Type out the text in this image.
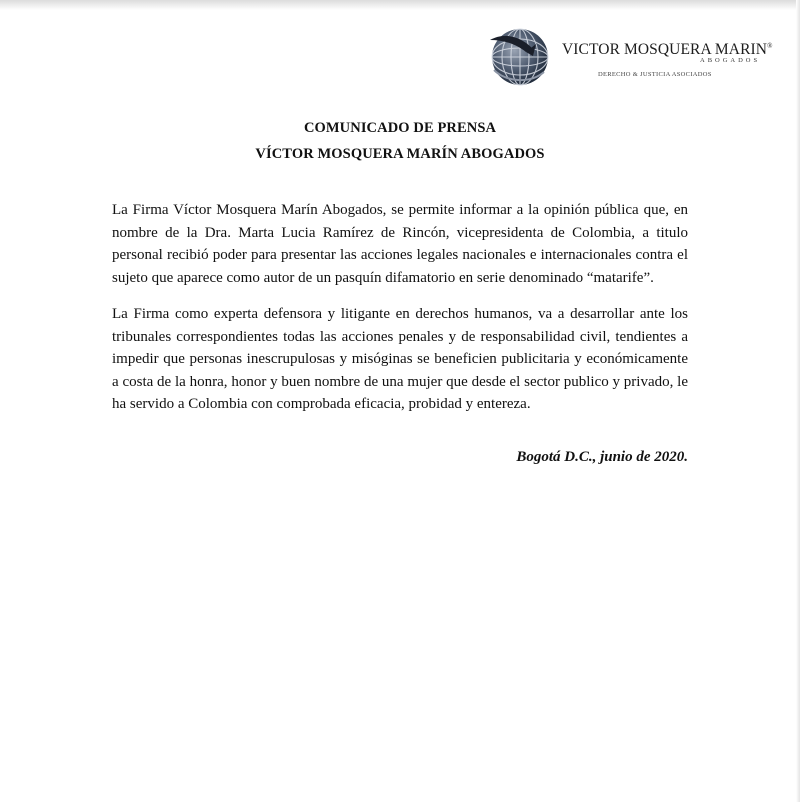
VICTOR MOSQUERA MARIN®
ABOGADOS
DERECHO & JUSTICIA ASOCIADOS
COMUNICADO DE PRENSA
VÍCTOR MOSQUERA MARÍN ABOGADOS

La Firma Víctor Mosquera Marín Abogados, se permite informar a la opinión pública que, en nombre de la Dra. Marta Lucia Ramírez de Rincón, vicepresidenta de Colombia, a titulo personal recibió poder para presentar las acciones legales nacionales e internacionales contra el sujeto que aparece como autor de un pasquín difamatorio en serie denominado “matarife”.

La Firma como experta defensora y litigante en derechos humanos, va a desarrollar ante los tribunales correspondientes todas las acciones penales y de responsabilidad civil, tendientes a impedir que personas inescrupulosas y misóginas se beneficien publicitaria y económicamente a costa de la honra, honor y buen nombre de una mujer que desde el sector publico y privado, le ha servido a Colombia con comprobada eficacia, probidad y entereza.

Bogotá D.C., junio de 2020.
